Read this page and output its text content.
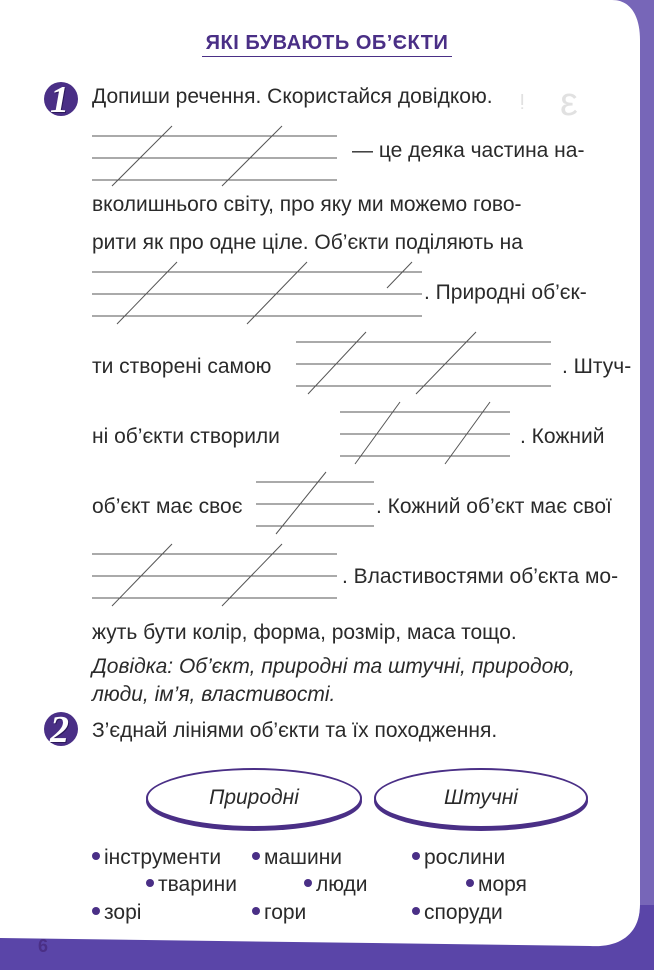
ᴉ ε
ЯКІ БУВАЮТЬ ОБ’ЄКТИ
1 Допиши речення. Скористайся довідкою.
— це деяка частина на-
вколишнього світу, про яку ми можемо гово-
рити як про одне ціле. Об’єкти поділяють на
. Природні об’єк-
ти створені самою	. Штуч-
ні об’єкти створили	. Кожний
об’єкт має своє	. Кожний об’єкт має свої
. Властивостями об’єкта мо-
жуть бути колір, форма, розмір, маса тощо.
Довідка: Об’єкт, природні та штучні, природою,
люди, ім’я, властивості.
2 З’єднай лініями об’єкти та їх походження.
Природні	Штучні
інструменти	машини	рослини
тварини	люди	моря
зорі	гори	споруди
6
